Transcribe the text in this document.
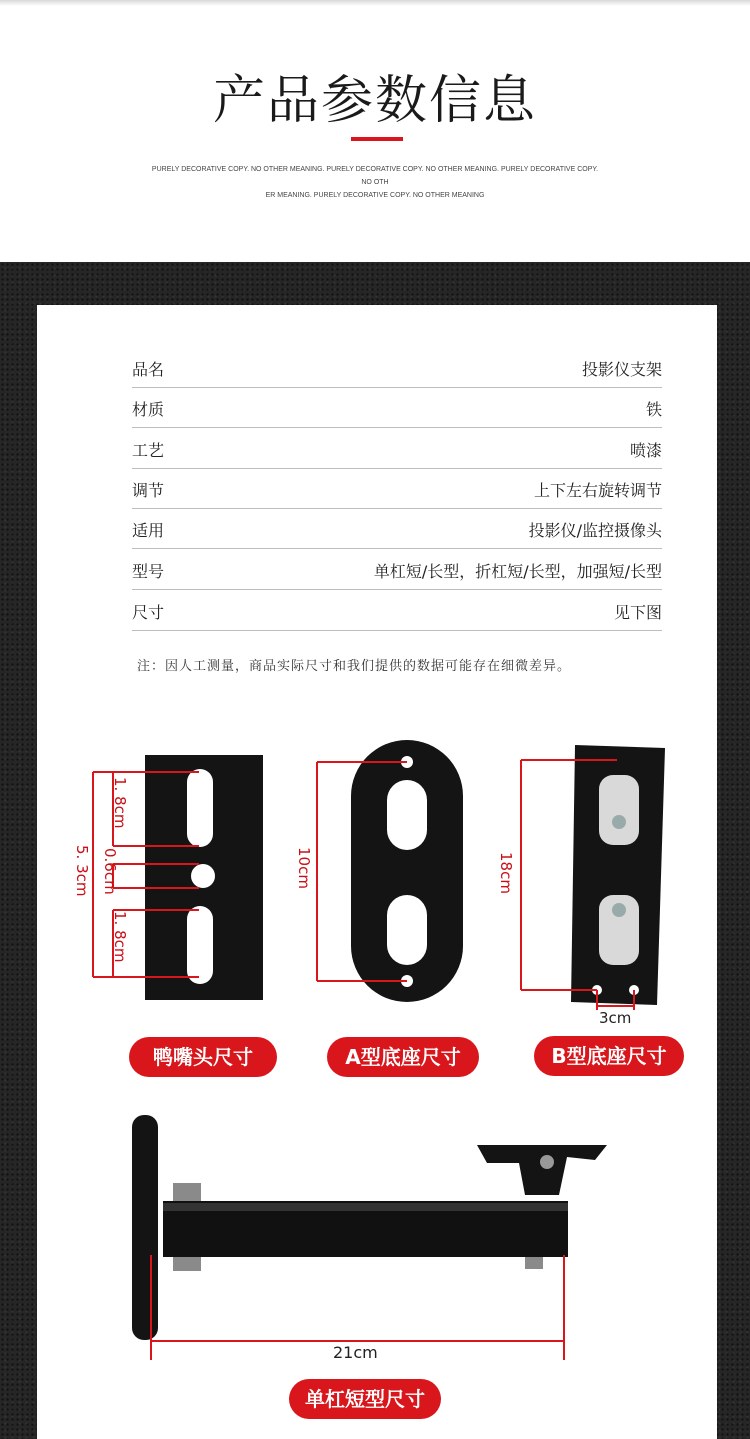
产品参数信息
PURELY DECORATIVE COPY. NO OTHER MEANING. PURELY DECORATIVE COPY. NO OTHER MEANING. PURELY DECORATIVE COPY. NO OTH
ER MEANING. PURELY DECORATIVE COPY. NO OTHER MEANING
品名	投影仪支架
材质	铁
工艺	喷漆
调节	上下左右旋转调节
适用	投影仪/监控摄像头
型号	单杠短/长型，折杠短/长型，加强短/长型
尺寸	见下图
注：因人工测量，商品实际尺寸和我们提供的数据可能存在细微差异。
1. 8cm
5. 3cm 0.6cm
1. 8cm
鸭嘴头尺寸
10cm
A型底座尺寸
18cm
3cm
B型底座尺寸
21cm
单杠短型尺寸
